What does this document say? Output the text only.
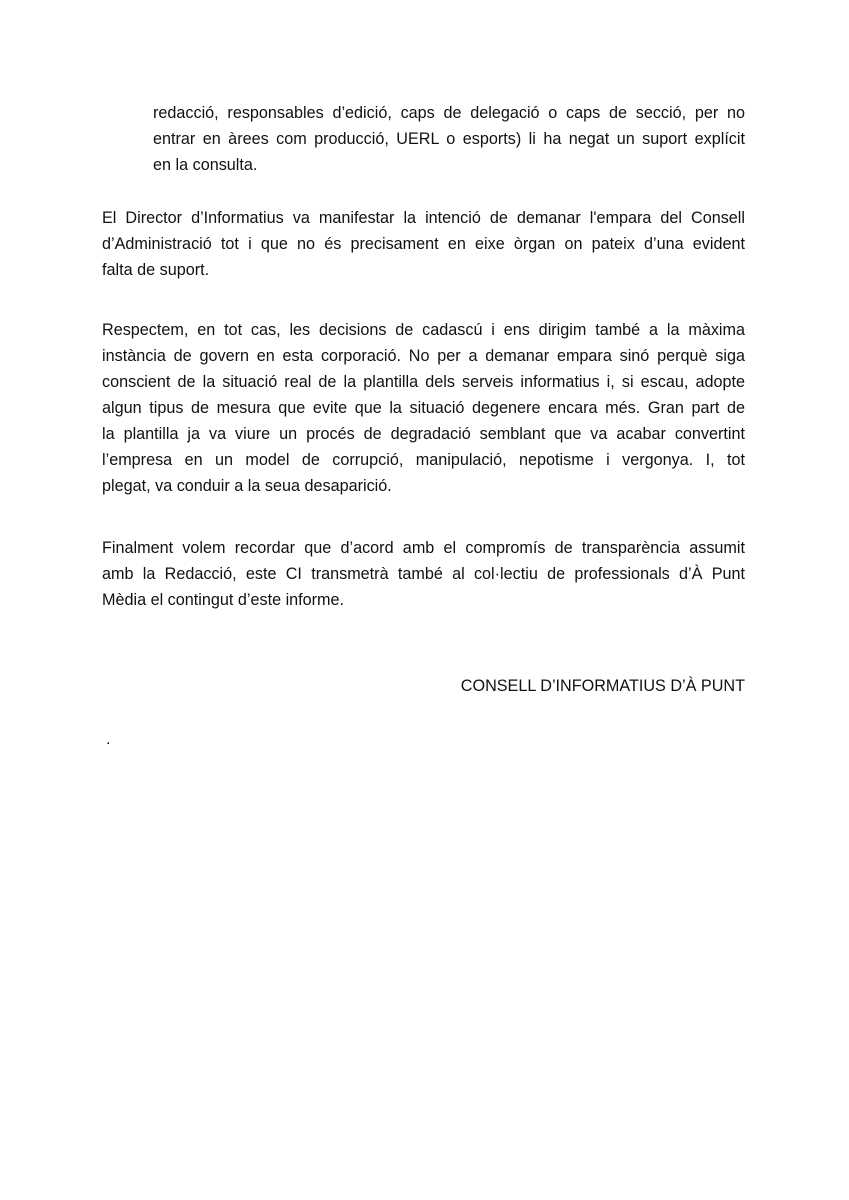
redacció, responsables d’edició, caps de delegació o caps de secció, per no
entrar en àrees com producció, UERL o esports) li ha negat un suport explícit
en la consulta.
El Director d’Informatius va manifestar la intenció de demanar l'empara del Consell
d’Administració tot i que no és precisament en eixe òrgan on pateix d’una evident
falta de suport.
Respectem, en tot cas, les decisions de cadascú i ens dirigim també a la màxima
instància de govern en esta corporació. No per a demanar empara sinó perquè siga
conscient de la situació real de la plantilla dels serveis informatius i, si escau, adopte
algun tipus de mesura que evite que la situació degenere encara més. Gran part de
la plantilla ja va viure un procés de degradació semblant que va acabar convertint
l’empresa en un model de corrupció, manipulació, nepotisme i vergonya. I, tot
plegat, va conduir a la seua desaparició.
Finalment volem recordar que d’acord amb el compromís de transparència assumit
amb la Redacció, este CI transmetrà també al col·lectiu de professionals d’À Punt
Mèdia el contingut d’este informe.
CONSELL D’INFORMATIUS D’À PUNT
.
